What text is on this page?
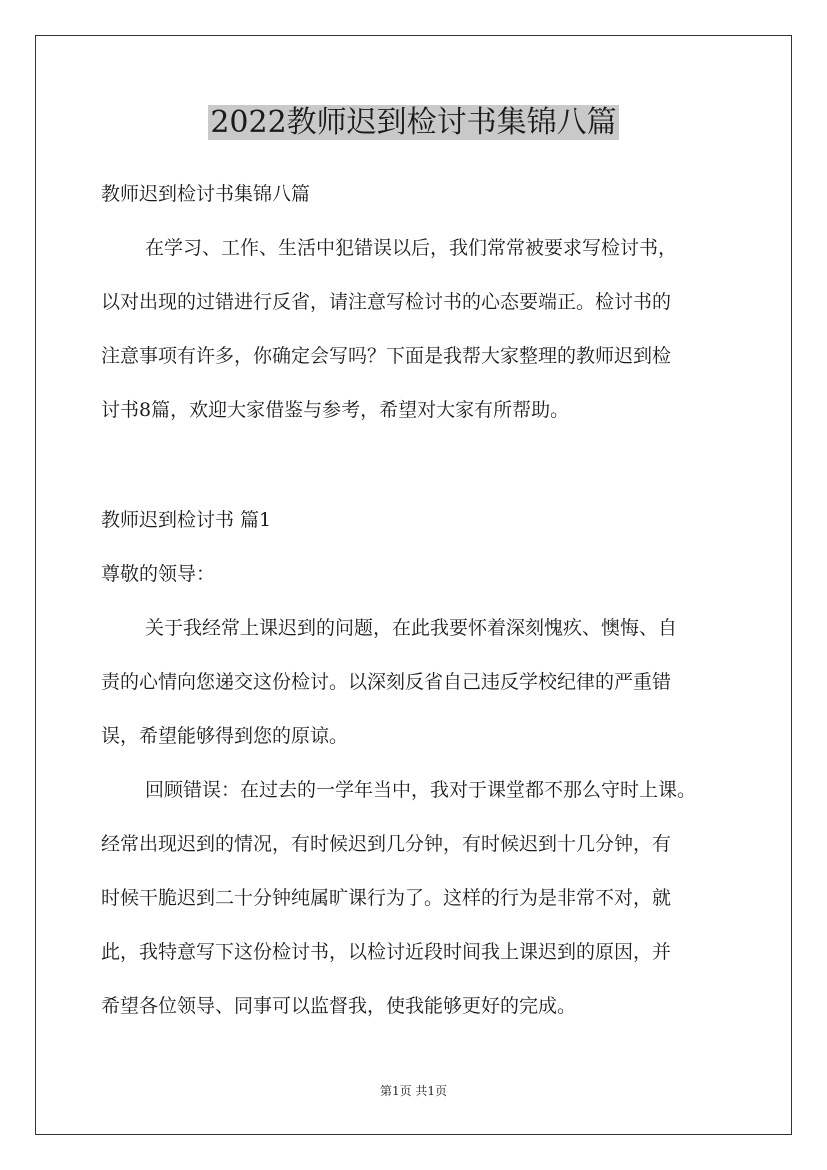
2022教师迟到检讨书集锦八篇
教师迟到检讨书集锦八篇
在学习、工作、生活中犯错误以后，我们常常被要求写检讨书，
以对出现的过错进行反省，请注意写检讨书的心态要端正。检讨书的
注意事项有许多，你确定会写吗？下面是我帮大家整理的教师迟到检
讨书8篇，欢迎大家借鉴与参考，希望对大家有所帮助。
教师迟到检讨书 篇1
尊敬的领导：
关于我经常上课迟到的问题，在此我要怀着深刻愧疚、懊悔、自
责的心情向您递交这份检讨。以深刻反省自己违反学校纪律的严重错
误，希望能够得到您的原谅。
回顾错误：在过去的一学年当中，我对于课堂都不那么守时上课。
经常出现迟到的情况，有时候迟到几分钟，有时候迟到十几分钟，有
时候干脆迟到二十分钟纯属旷课行为了。这样的行为是非常不对，就
此，我特意写下这份检讨书，以检讨近段时间我上课迟到的原因，并
希望各位领导、同事可以监督我，使我能够更好的完成。
第1页 共1页
